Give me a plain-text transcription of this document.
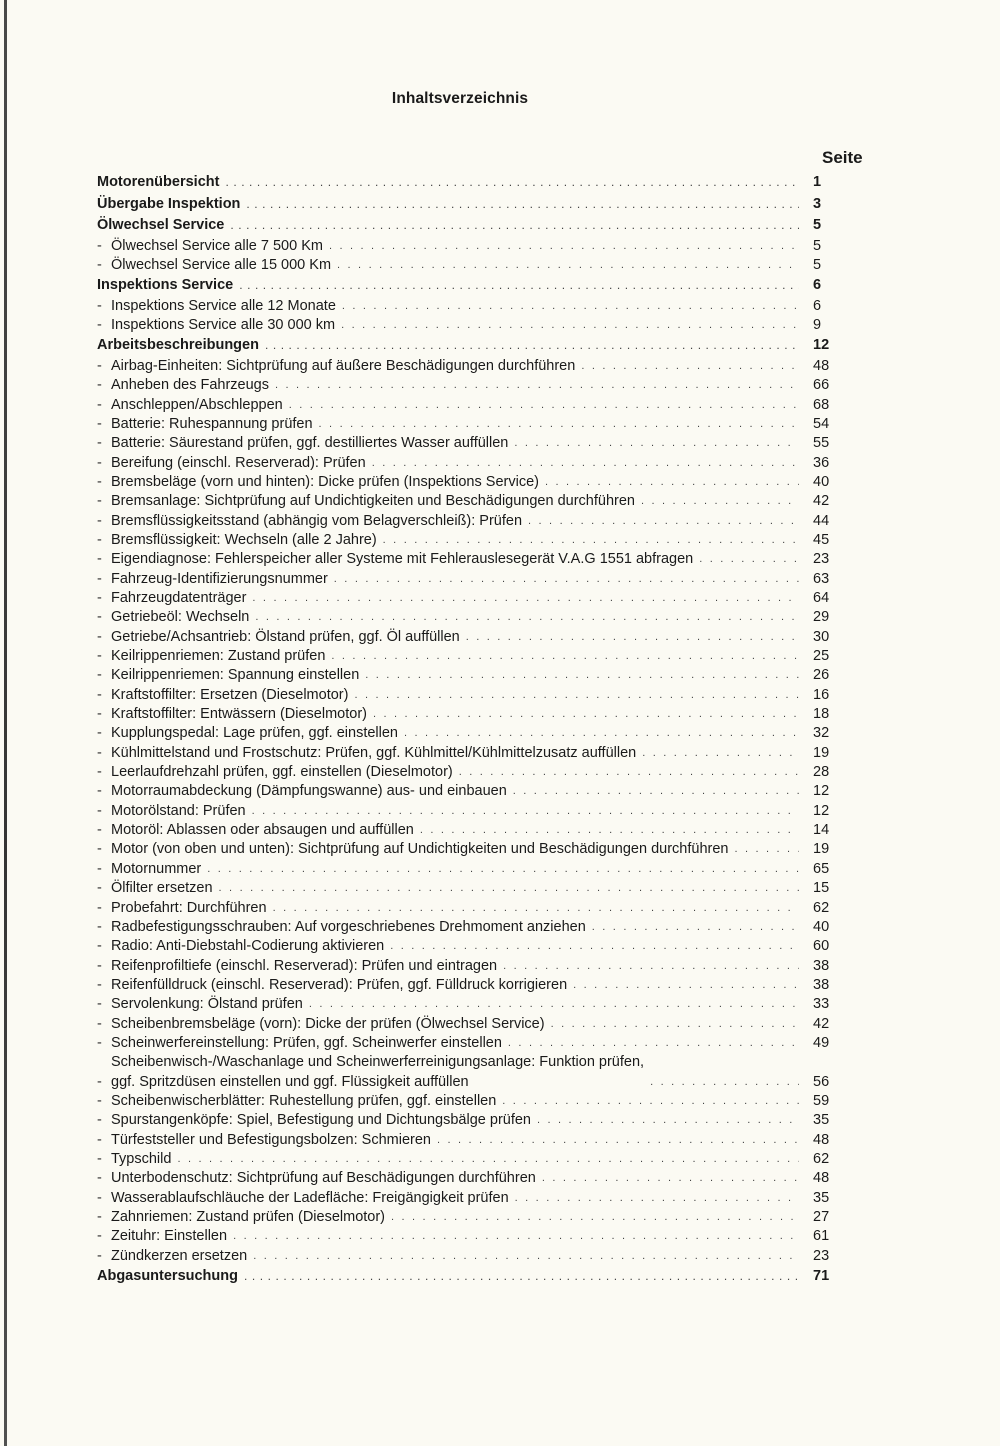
Inhaltsverzeichnis
Seite
Motorenübersicht . . .	1
Übergabe Inspektion . . .	3
Ölwechsel Service . . .	5
- Ölwechsel Service alle 7 500 Km . . .	5
- Ölwechsel Service alle 15 000 Km . . .	5
Inspektions Service . . .	6
- Inspektions Service alle 12 Monate . . .	6
- Inspektions Service alle 30 000 km . . .	9
Arbeitsbeschreibungen . . .	12
- Airbag-Einheiten: Sichtprüfung auf äußere Beschädigungen durchführen . . .	48
- Anheben des Fahrzeugs . . .	66
- Anschleppen/Abschleppen . . .	68
- Batterie: Ruhespannung prüfen . . .	54
- Batterie: Säurestand prüfen, ggf. destilliertes Wasser auffüllen . . .	55
- Bereifung (einschl. Reserverad): Prüfen . . .	36
- Bremsbeläge (vorn und hinten): Dicke prüfen (Inspektions Service) . . .	40
- Bremsanlage: Sichtprüfung auf Undichtigkeiten und Beschädigungen durchführen . . .	42
- Bremsflüssigkeitsstand (abhängig vom Belagverschleiß): Prüfen . . .	44
- Bremsflüssigkeit: Wechseln (alle 2 Jahre) . . .	45
- Eigendiagnose: Fehlerspeicher aller Systeme mit Fehlerauslesegerät V.A.G 1551 abfragen . . .	23
- Fahrzeug-Identifizierungsnummer . . .	63
- Fahrzeugdatenträger . . .	64
- Getriebeöl: Wechseln . . .	29
- Getriebe/Achsantrieb: Ölstand prüfen, ggf. Öl auffüllen . . .	30
- Keilrippenriemen: Zustand prüfen . . .	25
- Keilrippenriemen: Spannung einstellen . . .	26
- Kraftstoffilter: Ersetzen (Dieselmotor) . . .	16
- Kraftstoffilter: Entwässern (Dieselmotor) . . .	18
- Kupplungspedal: Lage prüfen, ggf. einstellen . . .	32
- Kühlmittelstand und Frostschutz: Prüfen, ggf. Kühlmittel/Kühlmittelzusatz auffüllen . . .	19
- Leerlaufdrehzahl prüfen, ggf. einstellen (Dieselmotor) . . .	28
- Motorraumabdeckung (Dämpfungswanne) aus- und einbauen . . .	12
- Motorölstand: Prüfen . . .	12
- Motoröl: Ablassen oder absaugen und auffüllen . . .	14
- Motor (von oben und unten): Sichtprüfung auf Undichtigkeiten und Beschädigungen durchführen . . .	19
- Motornummer . . .	65
- Ölfilter ersetzen . . .	15
- Probefahrt: Durchführen . . .	62
- Radbefestigungsschrauben: Auf vorgeschriebenes Drehmoment anziehen . . .	40
- Radio: Anti-Diebstahl-Codierung aktivieren . . .	60
- Reifenprofiltiefe (einschl. Reserverad): Prüfen und eintragen . . .	38
- Reifenfülldruck (einschl. Reserverad): Prüfen, ggf. Fülldruck korrigieren . . .	38
- Servolenkung: Ölstand prüfen . . .	33
- Scheibenbremsbeläge (vorn): Dicke der prüfen (Ölwechsel Service) . . .	42
- Scheinwerfereinstellung: Prüfen, ggf. Scheinwerfer einstellen . . .	49
-
Scheibenwisch-/Waschanlage und Scheinwerferreinigungsanlage: Funktion prüfen,
ggf. Spritzdüsen einstellen und ggf. Flüssigkeit auffüllen . . .	56
- Scheibenwischerblätter: Ruhestellung prüfen, ggf. einstellen . . .	59
- Spurstangenköpfe: Spiel, Befestigung und Dichtungsbälge prüfen . . .	35
- Türfeststeller und Befestigungsbolzen: Schmieren . . .	48
- Typschild . . .	62
- Unterbodenschutz: Sichtprüfung auf Beschädigungen durchführen . . .	48
- Wasserablaufschläuche der Ladefläche: Freigängigkeit prüfen . . .	35
- Zahnriemen: Zustand prüfen (Dieselmotor) . . .	27
- Zeituhr: Einstellen . . .	61
- Zündkerzen ersetzen . . .	23
Abgasuntersuchung . . .	71
